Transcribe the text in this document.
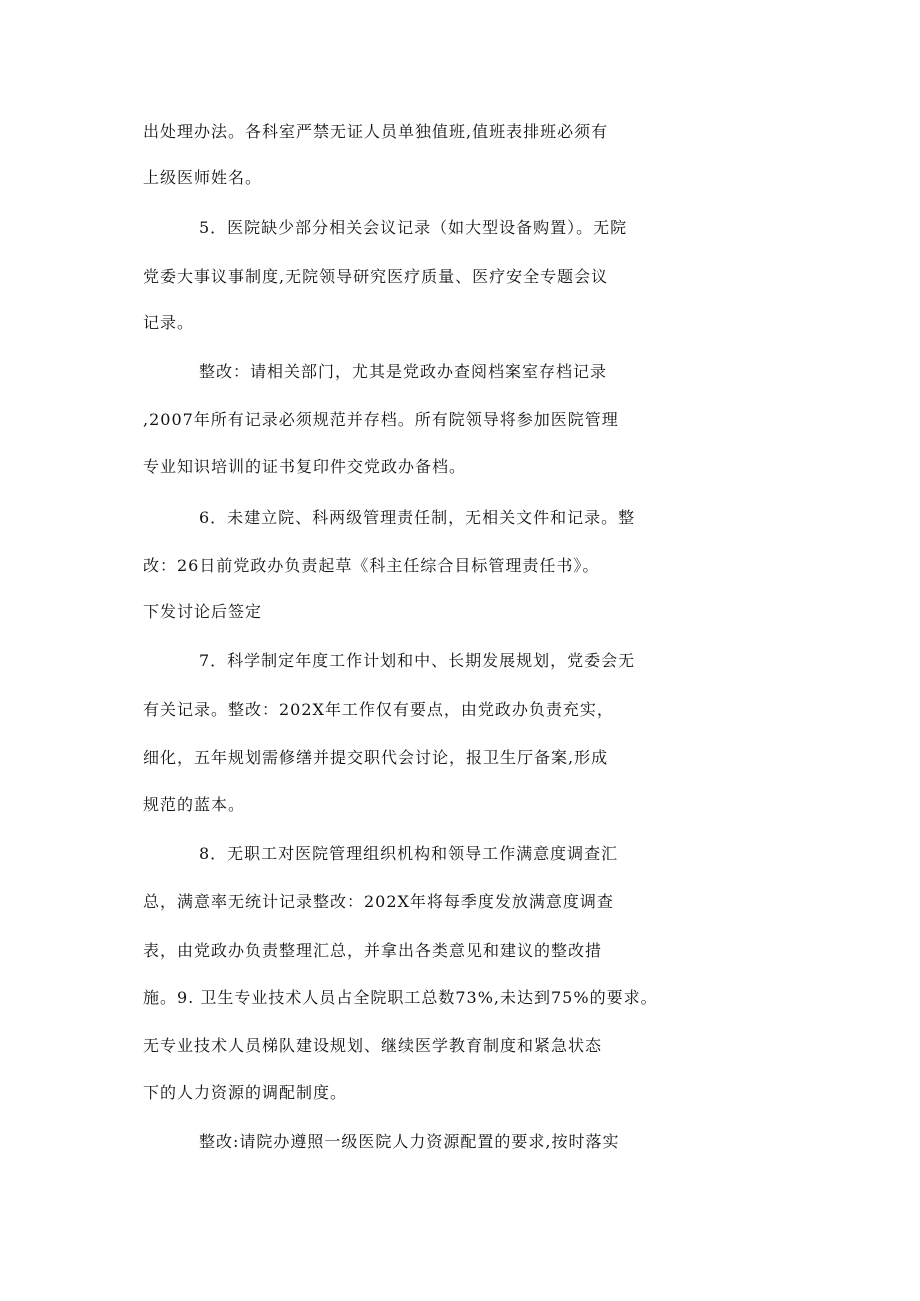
出处理办法。各科室严禁无证人员单独值班,值班表排班必须有
上级医师姓名。
5．医院缺少部分相关会议记录（如大型设备购置）。无院
党委大事议事制度,无院领导研究医疗质量、医疗安全专题会议
记录。
整改：请相关部门，尤其是党政办查阅档案室存档记录
,2007年所有记录必须规范并存档。所有院领导将参加医院管理
专业知识培训的证书复印件交党政办备档。
6．未建立院、科两级管理责任制，无相关文件和记录。整
改：26日前党政办负责起草《科主任综合目标管理责任书》。
下发讨论后签定
7．科学制定年度工作计划和中、长期发展规划，党委会无
有关记录。整改：202X年工作仅有要点，由党政办负责充实，
细化，五年规划需修缮并提交职代会讨论，报卫生厅备案,形成
规范的蓝本。
8．无职工对医院管理组织机构和领导工作满意度调查汇
总，满意率无统计记录整改：202X年将每季度发放满意度调查
表，由党政办负责整理汇总，并拿出各类意见和建议的整改措
施。9. 卫生专业技术人员占全院职工总数73%,未达到75%的要求。
无专业技术人员梯队建设规划、继续医学教育制度和紧急状态
下的人力资源的调配制度。
整改:请院办遵照一级医院人力资源配置的要求,按时落实
